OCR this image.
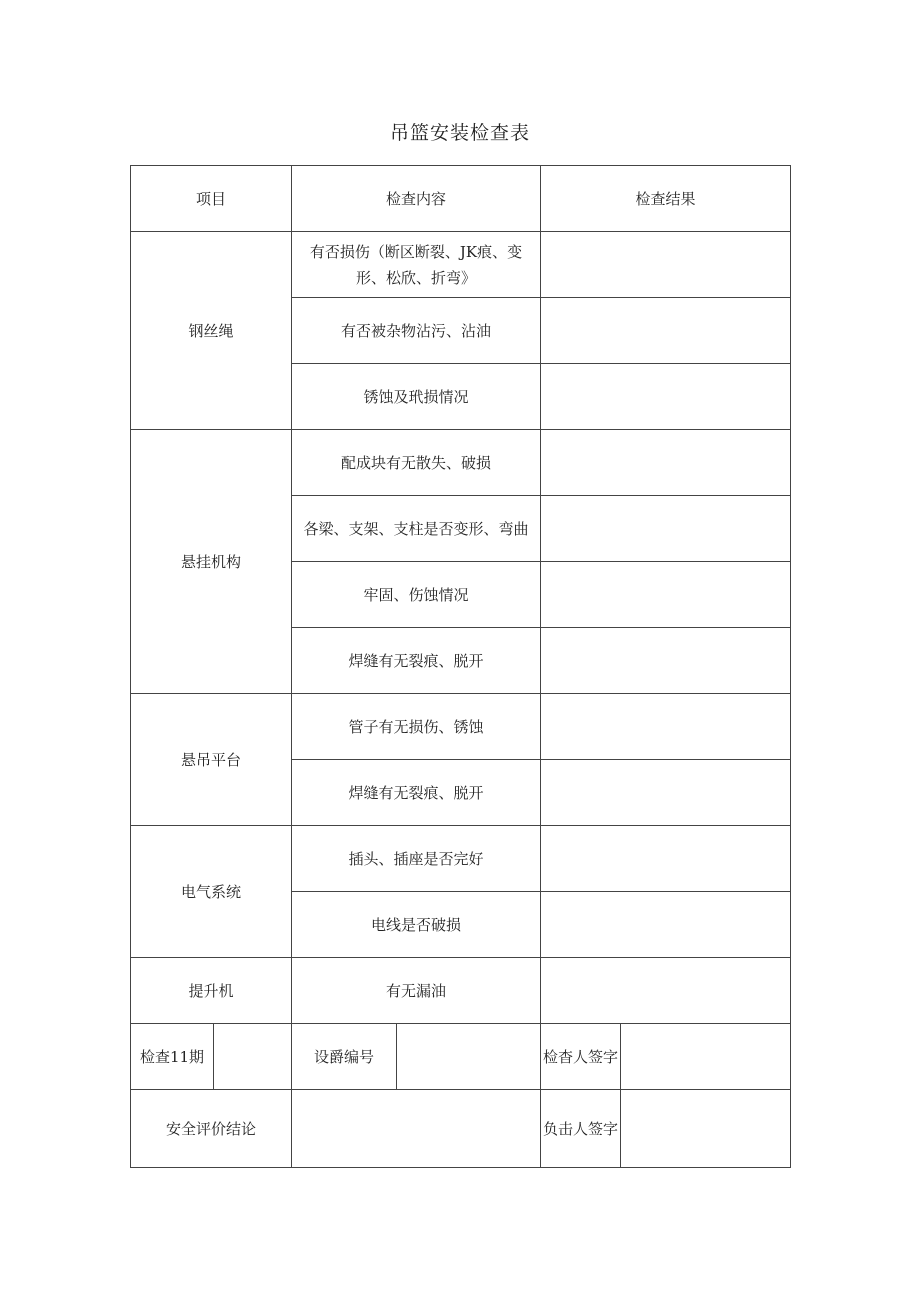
吊篮安装检查表
项目		检查内容		检查结果	
钢丝绳		有否损伤（断区断裂、JK痕、变形、松欣、折弯》			
		有否被杂物沾污、沾油			
		锈蚀及玳损情况			
悬挂机构		配成块有无散失、破损			
		各梁、支架、支柱是否变形、弯曲			
		牢固、伤蚀情况			
		焊缝有无裂痕、脱开			
悬吊平台		管子有无损伤、锈蚀			
		焊缝有无裂痕、脱开			
电气系统		插头、插座是否完好			
		电线是否破损			
提升机		有无漏油			
检查11期		设爵编号		检杳人签字	
安全评价结论				负击人签字	
